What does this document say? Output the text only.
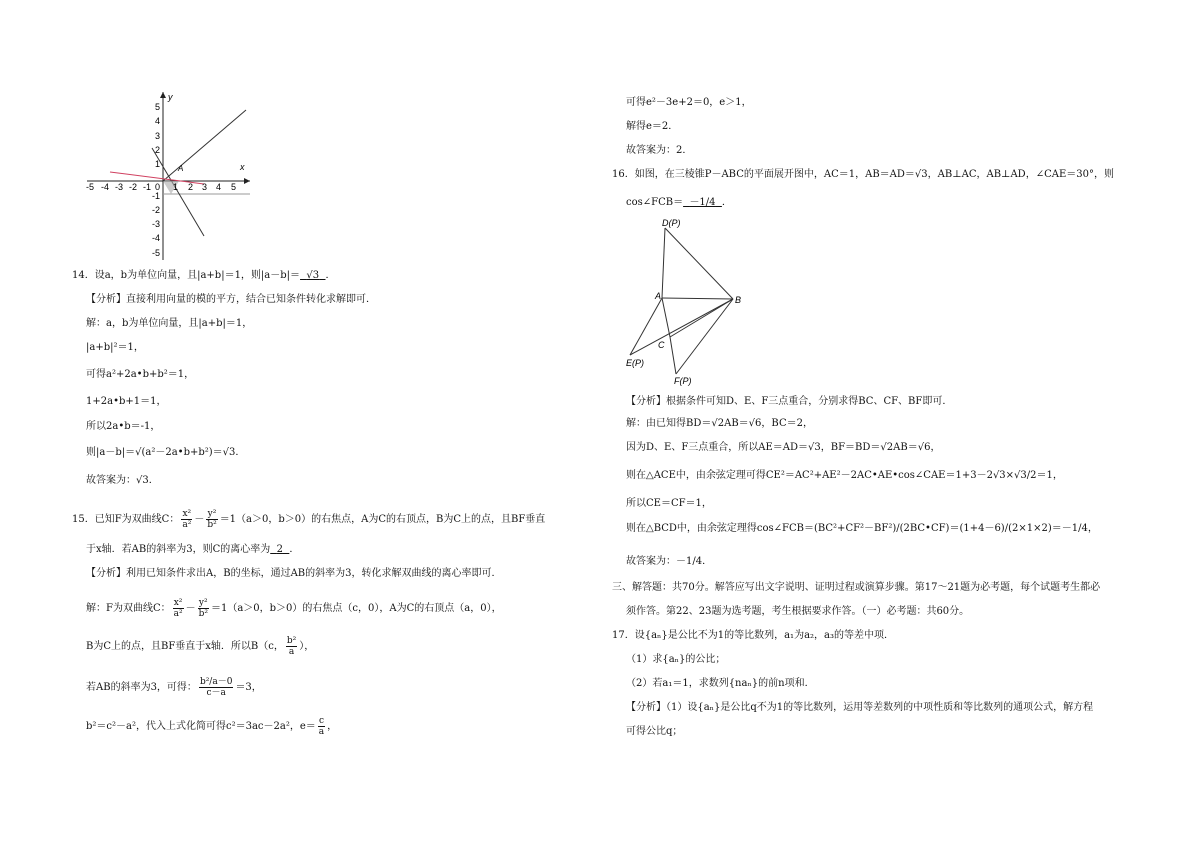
y
x
A
0
-5 -4 -3 -2 -1 1 2 3 4 5
5
4
3
2
1
-1
-2
-3
-4
-5
14．设a，b为单位向量，且|a+b|＝1，则|a－b|＝ √3 ．
【分析】直接利用向量的模的平方，结合已知条件转化求解即可．
解：a，b为单位向量，且|a+b|＝1，
|a+b|²＝1，
可得a²+2a•b+b²＝1，
1+2a•b+1＝1，
所以2a•b＝-1，
则|a－b|＝√(a²－2a•b+b²)＝√3．
故答案为：√3．
15．已知F为双曲线C： $\frac{\text{x²}}{\text{a²}} - \frac{\text{y²}}{\text{b²}} =1(a>0$，b＞0）的右焦点，A为C的右顶点，B为C上的点，且BF垂直
于x轴．若AB的斜率为3，则C的离心率为 2 ．
【分析】利用已知条件求出A，B的坐标，通过AB的斜率为3，转化求解双曲线的离心率即可．
解：F为双曲线C： $\frac{\text{x²}}{\text{a²}} - \frac{\text{y²}}{\text{b²}} =1(a>0$，b＞0）的右焦点（c，0），A为C的右顶点（a，0），
B为C上的点，且BF垂直于x轴．所以B（c， $\frac{\text{b²}}{a}$ ），
若AB的斜率为3，可得： $\frac{\text{b²/a－0}}{c-a} =3$，
b²＝c²－a²，代入上式化简可得c²＝3ac－2a²，$e= \frac{c}{a}$ ，
可得e²－3e+2＝0，e＞1，
解得e＝2．
故答案为：2．
16．如图，在三棱锥P－ABC的平面展开图中，AC＝1，AB＝AD＝√3，AB⊥AC，AB⊥AD，∠CAE＝30°，则
cos∠FCB＝ －1/4 ．
D(P)
A	B
C
E(P)
F(P)
【分析】根据条件可知D、E、F三点重合，分别求得BC、CF、BF即可．
解：由已知得BD＝√2AB＝√6，BC＝2，
因为D、E、F三点重合，所以AE＝AD＝√3，BF＝BD＝√2AB＝√6，
则在△ACE中，由余弦定理可得CE²＝AC²+AE²－2AC•AE•cos∠CAE＝1+3－2√3×√3/2＝1，
所以CE＝CF＝1，
则在△BCD中，由余弦定理得cos∠FCB＝(BC²+CF²－BF²)/(2BC•CF)＝(1+4－6)/(2×1×2)＝－1/4，
故答案为：－1/4．
三、解答题：共70分。解答应写出文字说明、证明过程或演算步骤。第17～21题为必考题，每个试题考生都必
须作答。第22、23题为选考题，考生根据要求作答。（一）必考题：共60分。
17．设{aₙ}是公比不为1的等比数列，a₁为a₂，a₃的等差中项．
（1）求{aₙ}的公比；
（2）若a₁＝1，求数列{naₙ}的前n项和．
【分析】（1）设{aₙ}是公比q不为1的等比数列，运用等差数列的中项性质和等比数列的通项公式，解方程
可得公比q；
